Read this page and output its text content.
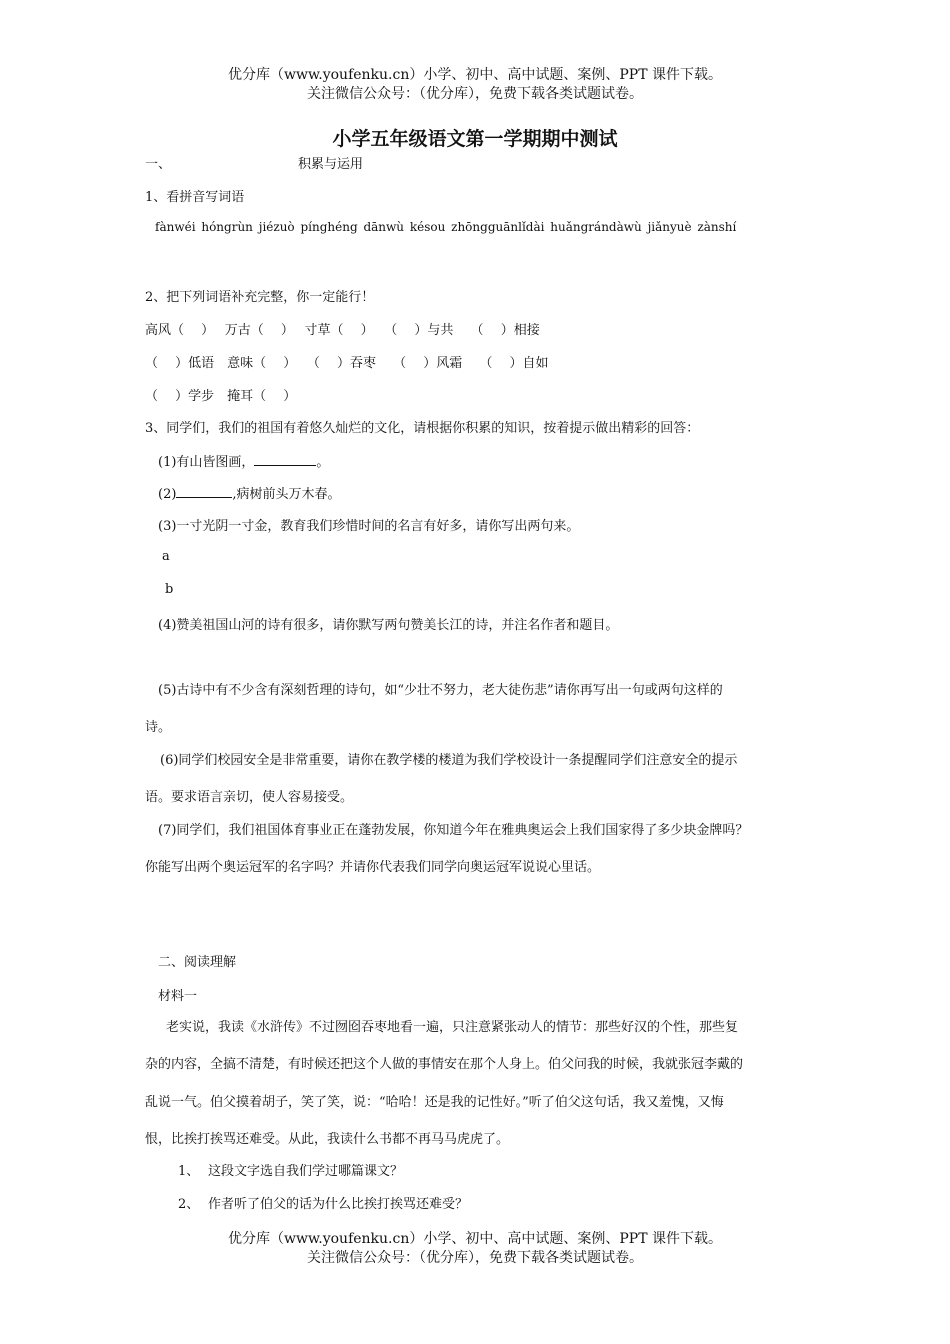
优分库（www.youfenku.cn）小学、初中、高中试题、案例、PPT 课件下载。
关注微信公众号：（优分库），免费下载各类试题试卷。
小学五年级语文第一学期期中测试
一、	积累与运用
1、看拼音写词语
fànwéi hóngrùn jiézuò pínghéng dānwù késou zhōngguānlǐdài huǎngrándàwù jiǎnyuè zànshí
2、把下列词语补充完整，你一定能行！
高风（　 ）　 万古（　 ）　 寸草（　 ）　 （　 ）与共　 （　 ）相接
（　 ）低语　意味（　 ）　 （　 ）吞枣　 （　 ）风霜　 （　 ）自如
（　 ）学步　掩耳（　 ）
3、同学们，我们的祖国有着悠久灿烂的文化，请根据你积累的知识，按着提示做出精彩的回答：
(1)有山皆图画，	。
(2)	,病树前头万木春。
(3)一寸光阴一寸金，教育我们珍惜时间的名言有好多，请你写出两句来。
a
b
(4)赞美祖国山河的诗有很多，请你默写两句赞美长江的诗，并注名作者和题目。
(5)古诗中有不少含有深刻哲理的诗句，如“少壮不努力，老大徒伤悲”请你再写出一句或两句这样的
诗。
(6)同学们校园安全是非常重要，请你在教学楼的楼道为我们学校设计一条提醒同学们注意安全的提示
语。要求语言亲切，使人容易接受。
(7)同学们，我们祖国体育事业正在蓬勃发展，你知道今年在雅典奥运会上我们国家得了多少块金牌吗？
你能写出两个奥运冠军的名字吗？并请你代表我们同学向奥运冠军说说心里话。
二、阅读理解
材料一
老实说，我读《水浒传》不过囫囵吞枣地看一遍，只注意紧张动人的情节：那些好汉的个性，那些复
杂的内容，全搞不清楚，有时候还把这个人做的事情安在那个人身上。伯父问我的时候，我就张冠李戴的
乱说一气。伯父摸着胡子，笑了笑，说：“哈哈！还是我的记性好。”听了伯父这句话，我又羞愧，又悔
恨，比挨打挨骂还难受。从此，我读什么书都不再马马虎虎了。
1、 这段文字选自我们学过哪篇课文？
2、 作者听了伯父的话为什么比挨打挨骂还难受？
优分库（www.youfenku.cn）小学、初中、高中试题、案例、PPT 课件下载。
关注微信公众号：（优分库），免费下载各类试题试卷。
